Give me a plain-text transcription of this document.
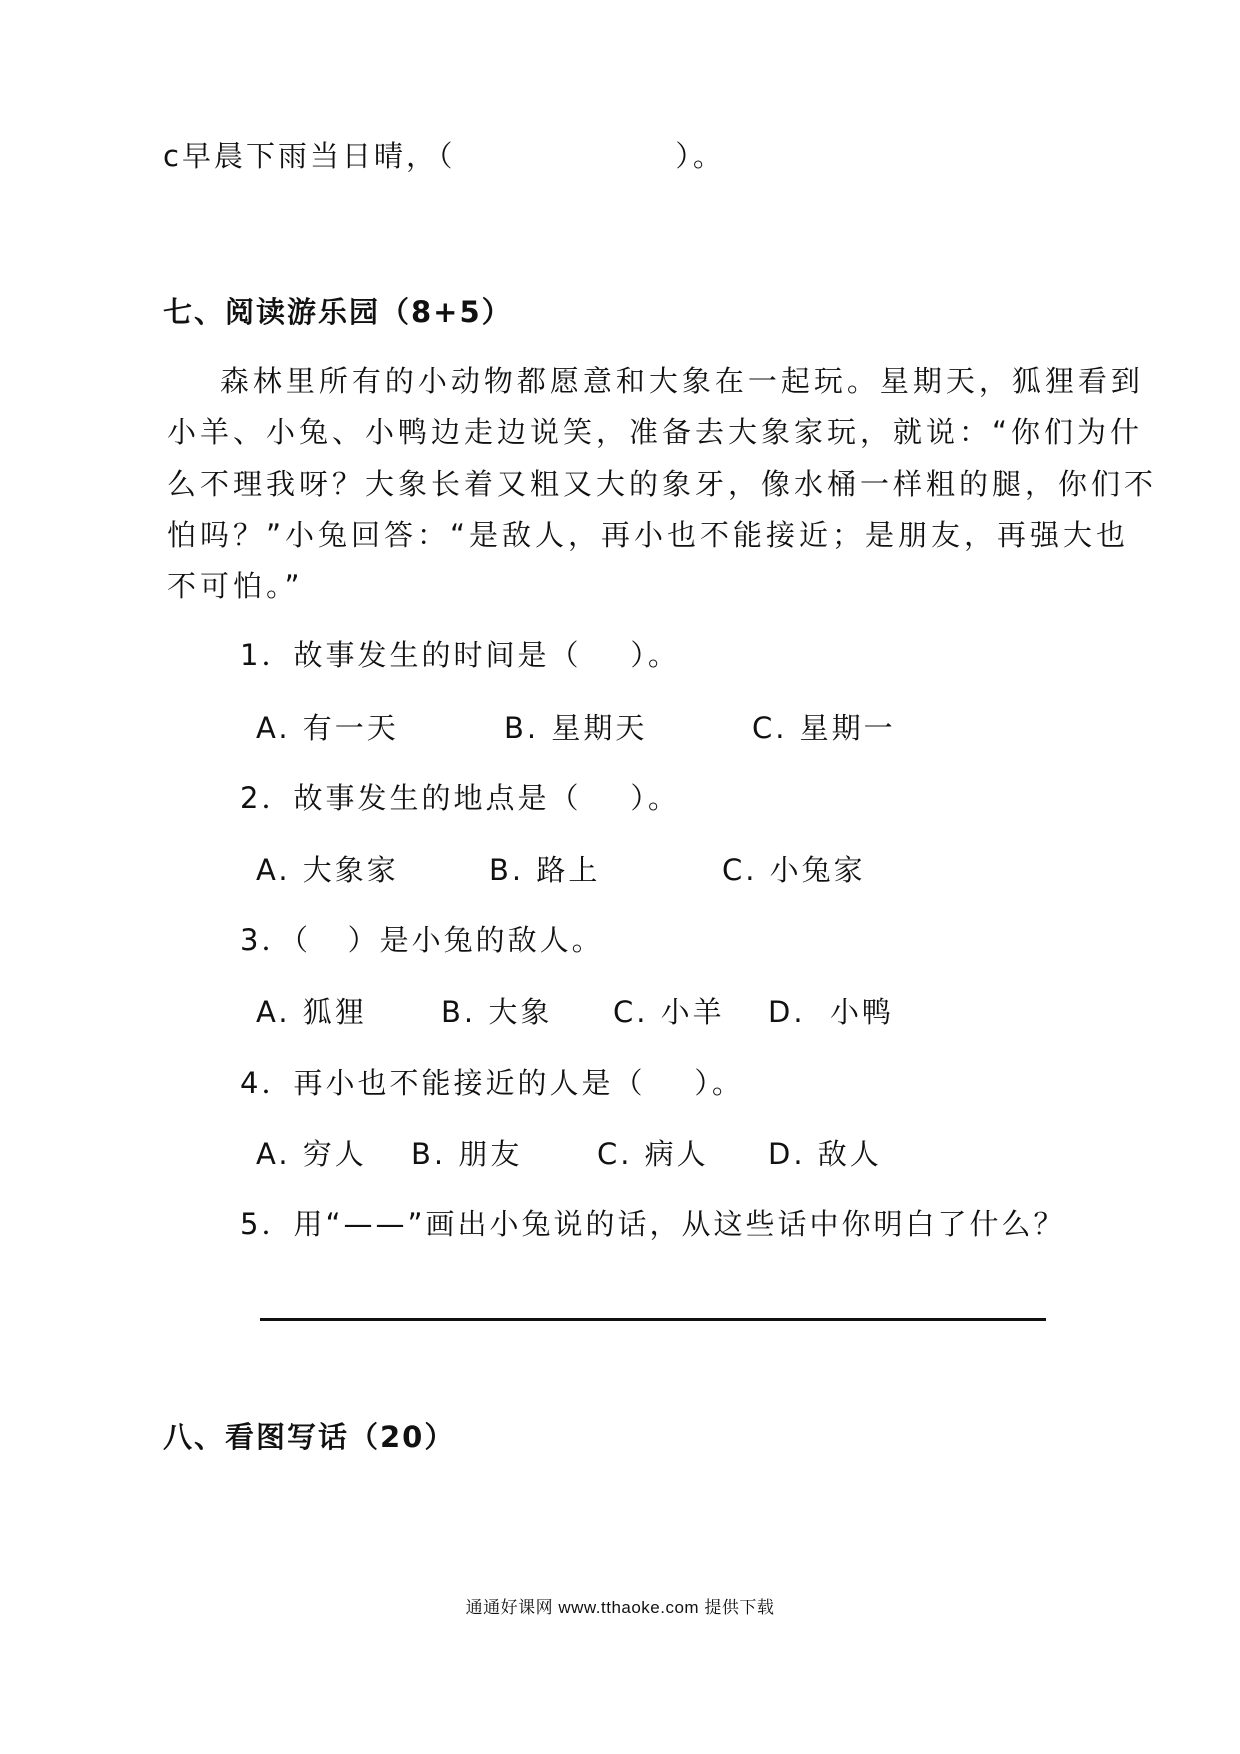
c早晨下雨当日晴，（                  ）。
七、阅读游乐园（8+5）
森林里所有的小动物都愿意和大象在一起玩。星期天，狐狸看到
小羊、小兔、小鸭边走边说笑，准备去大象家玩，就说：“你们为什
么不理我呀？大象长着又粗又大的象牙，像水桶一样粗的腿，你们不
怕吗？”小兔回答：“是敌人，再小也不能接近；是朋友，再强大也
不可怕。”
1．故事发生的时间是（    ）。
A. 有一天	B. 星期天	C. 星期一
2．故事发生的地点是（    ）。
A. 大象家	B. 路上	C. 小兔家
3．（   ）是小兔的敌人。
A. 狐狸	B. 大象 C. 小羊 D.  小鸭
4．再小也不能接近的人是（    ）。
A. 穷人 B. 朋友	C. 病人 D. 敌人
5．用“——”画出小兔说的话，从这些话中你明白了什么？
八、看图写话（20）
通通好课网 www.tthaoke.com 提供下载
